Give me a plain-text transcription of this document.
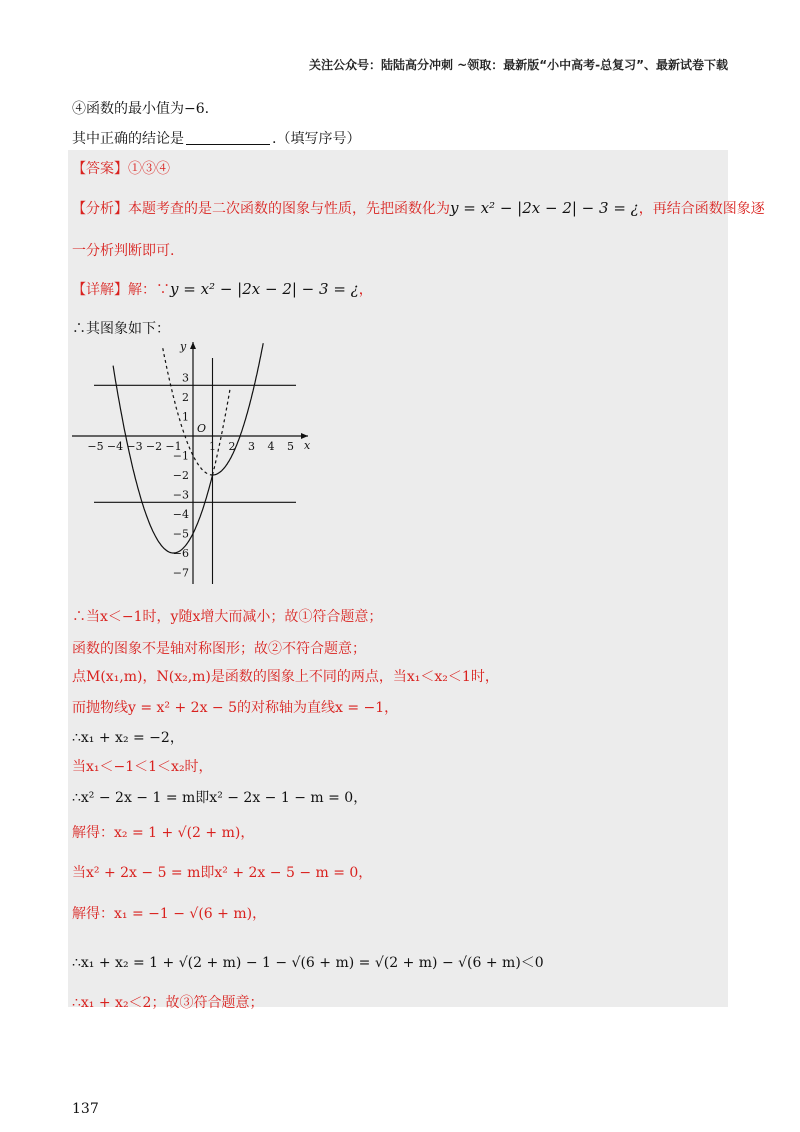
关注公众号：陆陆高分冲刺 ~领取：最新版“小中高考-总复习”、最新试卷下载
④函数的最小值为−6.
其中正确的结论是	.（填写序号）
【答案】①③④
【分析】本题考查的是二次函数的图象与性质，先把函数化为y = x² − |2x − 2| − 3 = ¿，再结合函数图象逐
一分析判断即可.
【详解】解：∵y = x² − |2x − 2| − 3 = ¿，
∴其图象如下：
−5 −4 −3 −2 −1 1 2 3 4 5
3
2
1
−1
−2
−3
−4
−5
−6
−7
x
y
O
∴当x＜−1时，y随x增大而减小；故①符合题意；
函数的图象不是轴对称图形；故②不符合题意；
点M(x₁,m)，N(x₂,m)是函数的图象上不同的两点，当x₁＜x₂＜1时，
而抛物线y = x² + 2x − 5的对称轴为直线x = −1，
∴x₁ + x₂ = −2，
当x₁＜−1＜1＜x₂时，
∴x² − 2x − 1 = m即x² − 2x − 1 − m = 0，
解得：x₂ = 1 + √(2 + m)，
当x² + 2x − 5 = m即x² + 2x − 5 − m = 0，
解得：x₁ = −1 − √(6 + m)，
∴x₁ + x₂ = 1 + √(2 + m) − 1 − √(6 + m) = √(2 + m) − √(6 + m)＜0
∴x₁ + x₂＜2；故③符合题意；
137
